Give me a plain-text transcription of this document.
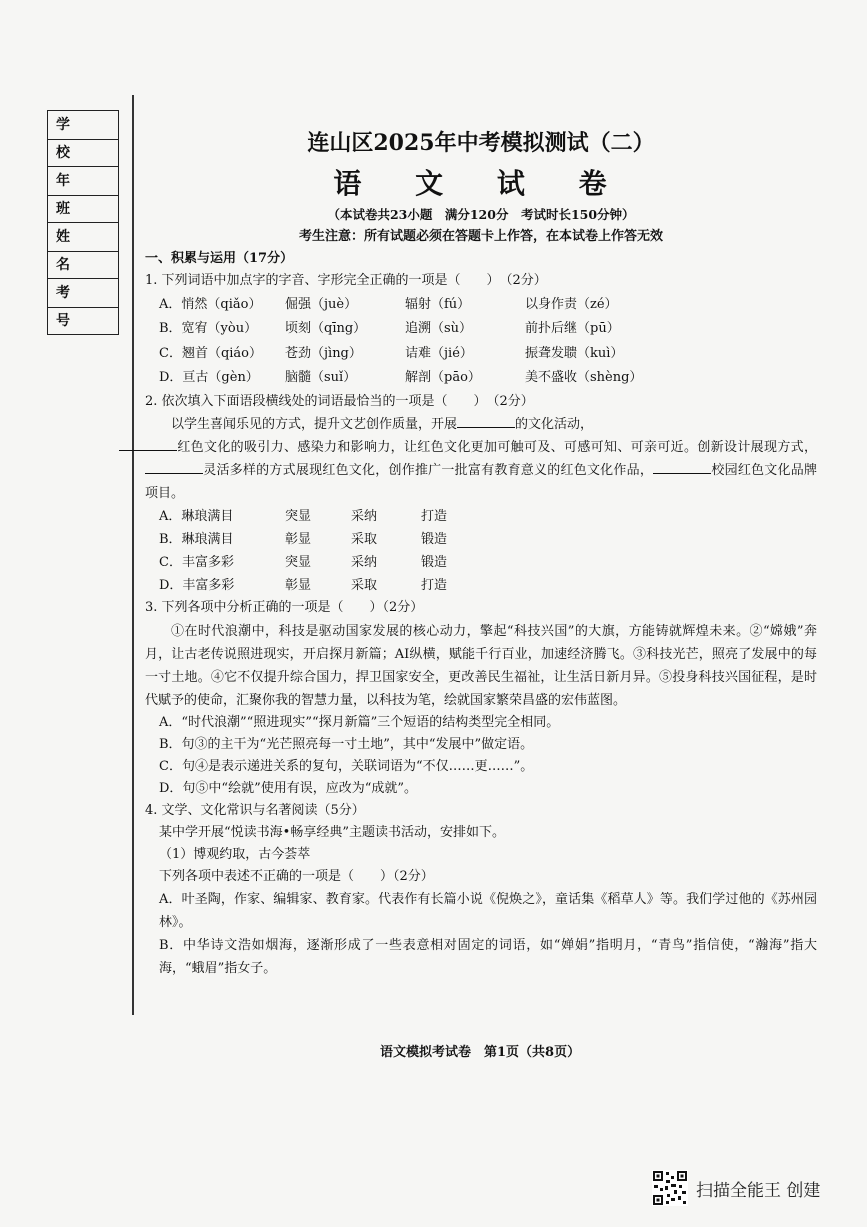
学 校
年 班
姓 名
考 号
连山区2025年中考模拟测试（二）
语 文 试 卷
（本试卷共23小题　满分120分　考试时长150分钟）
考生注意：所有试题必须在答题卡上作答，在本试卷上作答无效
一、积累与运用（17分）
1. 下列词语中加点字的字音、字形完全正确的一项是（　　）　（2分）
A．悄然（qiǎo）	倔强（juè）	辐射（fú）	以身作责（zé）
B．宽宥（yòu）	顷刻（qīng）	追溯（sù）	前扑后继（pū）
C．翘首（qiáo）	苍劲（jìng）	诘难（jié）	振聋发聩（kuì）
D．亘古（gèn）	脑髓（suǐ）	解剖（pāo）	美不盛收（shèng）
2. 依次填入下面语段横线处的词语最恰当的一项是（　　）　（2分）

以学生喜闻乐见的方式，提升文艺创作质量，开展	的文化活动，
红色文化的吸引力、感染力和影响力，让红色文化更加可触可及、可感可知、可亲可近。创新设计展现方式，灵活多样的方式展现红色文化，创作推广一批富有教育意义的红色文化作品，	校园红色文化品牌项目。

A．琳琅满目	突显	采纳	打造
B．琳琅满目	彰显	采取	锻造
C．丰富多彩	突显	采纳	锻造
D．丰富多彩	彰显	采取	打造
3. 下列各项中分析正确的一项是（　　）（2分）

①在时代浪潮中，科技是驱动国家发展的核心动力，擎起“科技兴国”的大旗，方能铸就辉煌未来。②“嫦娥”奔月，让古老传说照进现实，开启探月新篇；AI纵横，赋能千行百业，加速经济腾飞。③科技光芒，照亮了发展中的每一寸土地。④它不仅提升综合国力，捍卫国家安全，更改善民生福祉，让生活日新月异。⑤投身科技兴国征程，是时代赋予的使命，汇聚你我的智慧力量，以科技为笔，绘就国家繁荣昌盛的宏伟蓝图。

A．“时代浪潮”“照进现实”“探月新篇”三个短语的结构类型完全相同。
B．句③的主干为“光芒照亮每一寸土地”，其中“发展中”做定语。
C．句④是表示递进关系的复句，关联词语为“不仅……更……”。
D．句⑤中“绘就”使用有误，应改为“成就”。
4. 文学、文化常识与名著阅读（5分）
某中学开展“悦读书海•畅享经典”主题读书活动，安排如下。
（1）博观约取，古今荟萃
下列各项中表述不正确的一项是（　　）（2分）

A．叶圣陶，作家、编辑家、教育家。代表作有长篇小说《倪焕之》，童话集《稻草人》等。我们学过他的《苏州园林》。

B．中华诗文浩如烟海，逐渐形成了一些表意相对固定的词语，如“婵娟”指明月，“青鸟”指信使，“瀚海”指大海，“蛾眉”指女子。

语文模拟考试卷　第1页（共8页）
扫描全能王 创建
